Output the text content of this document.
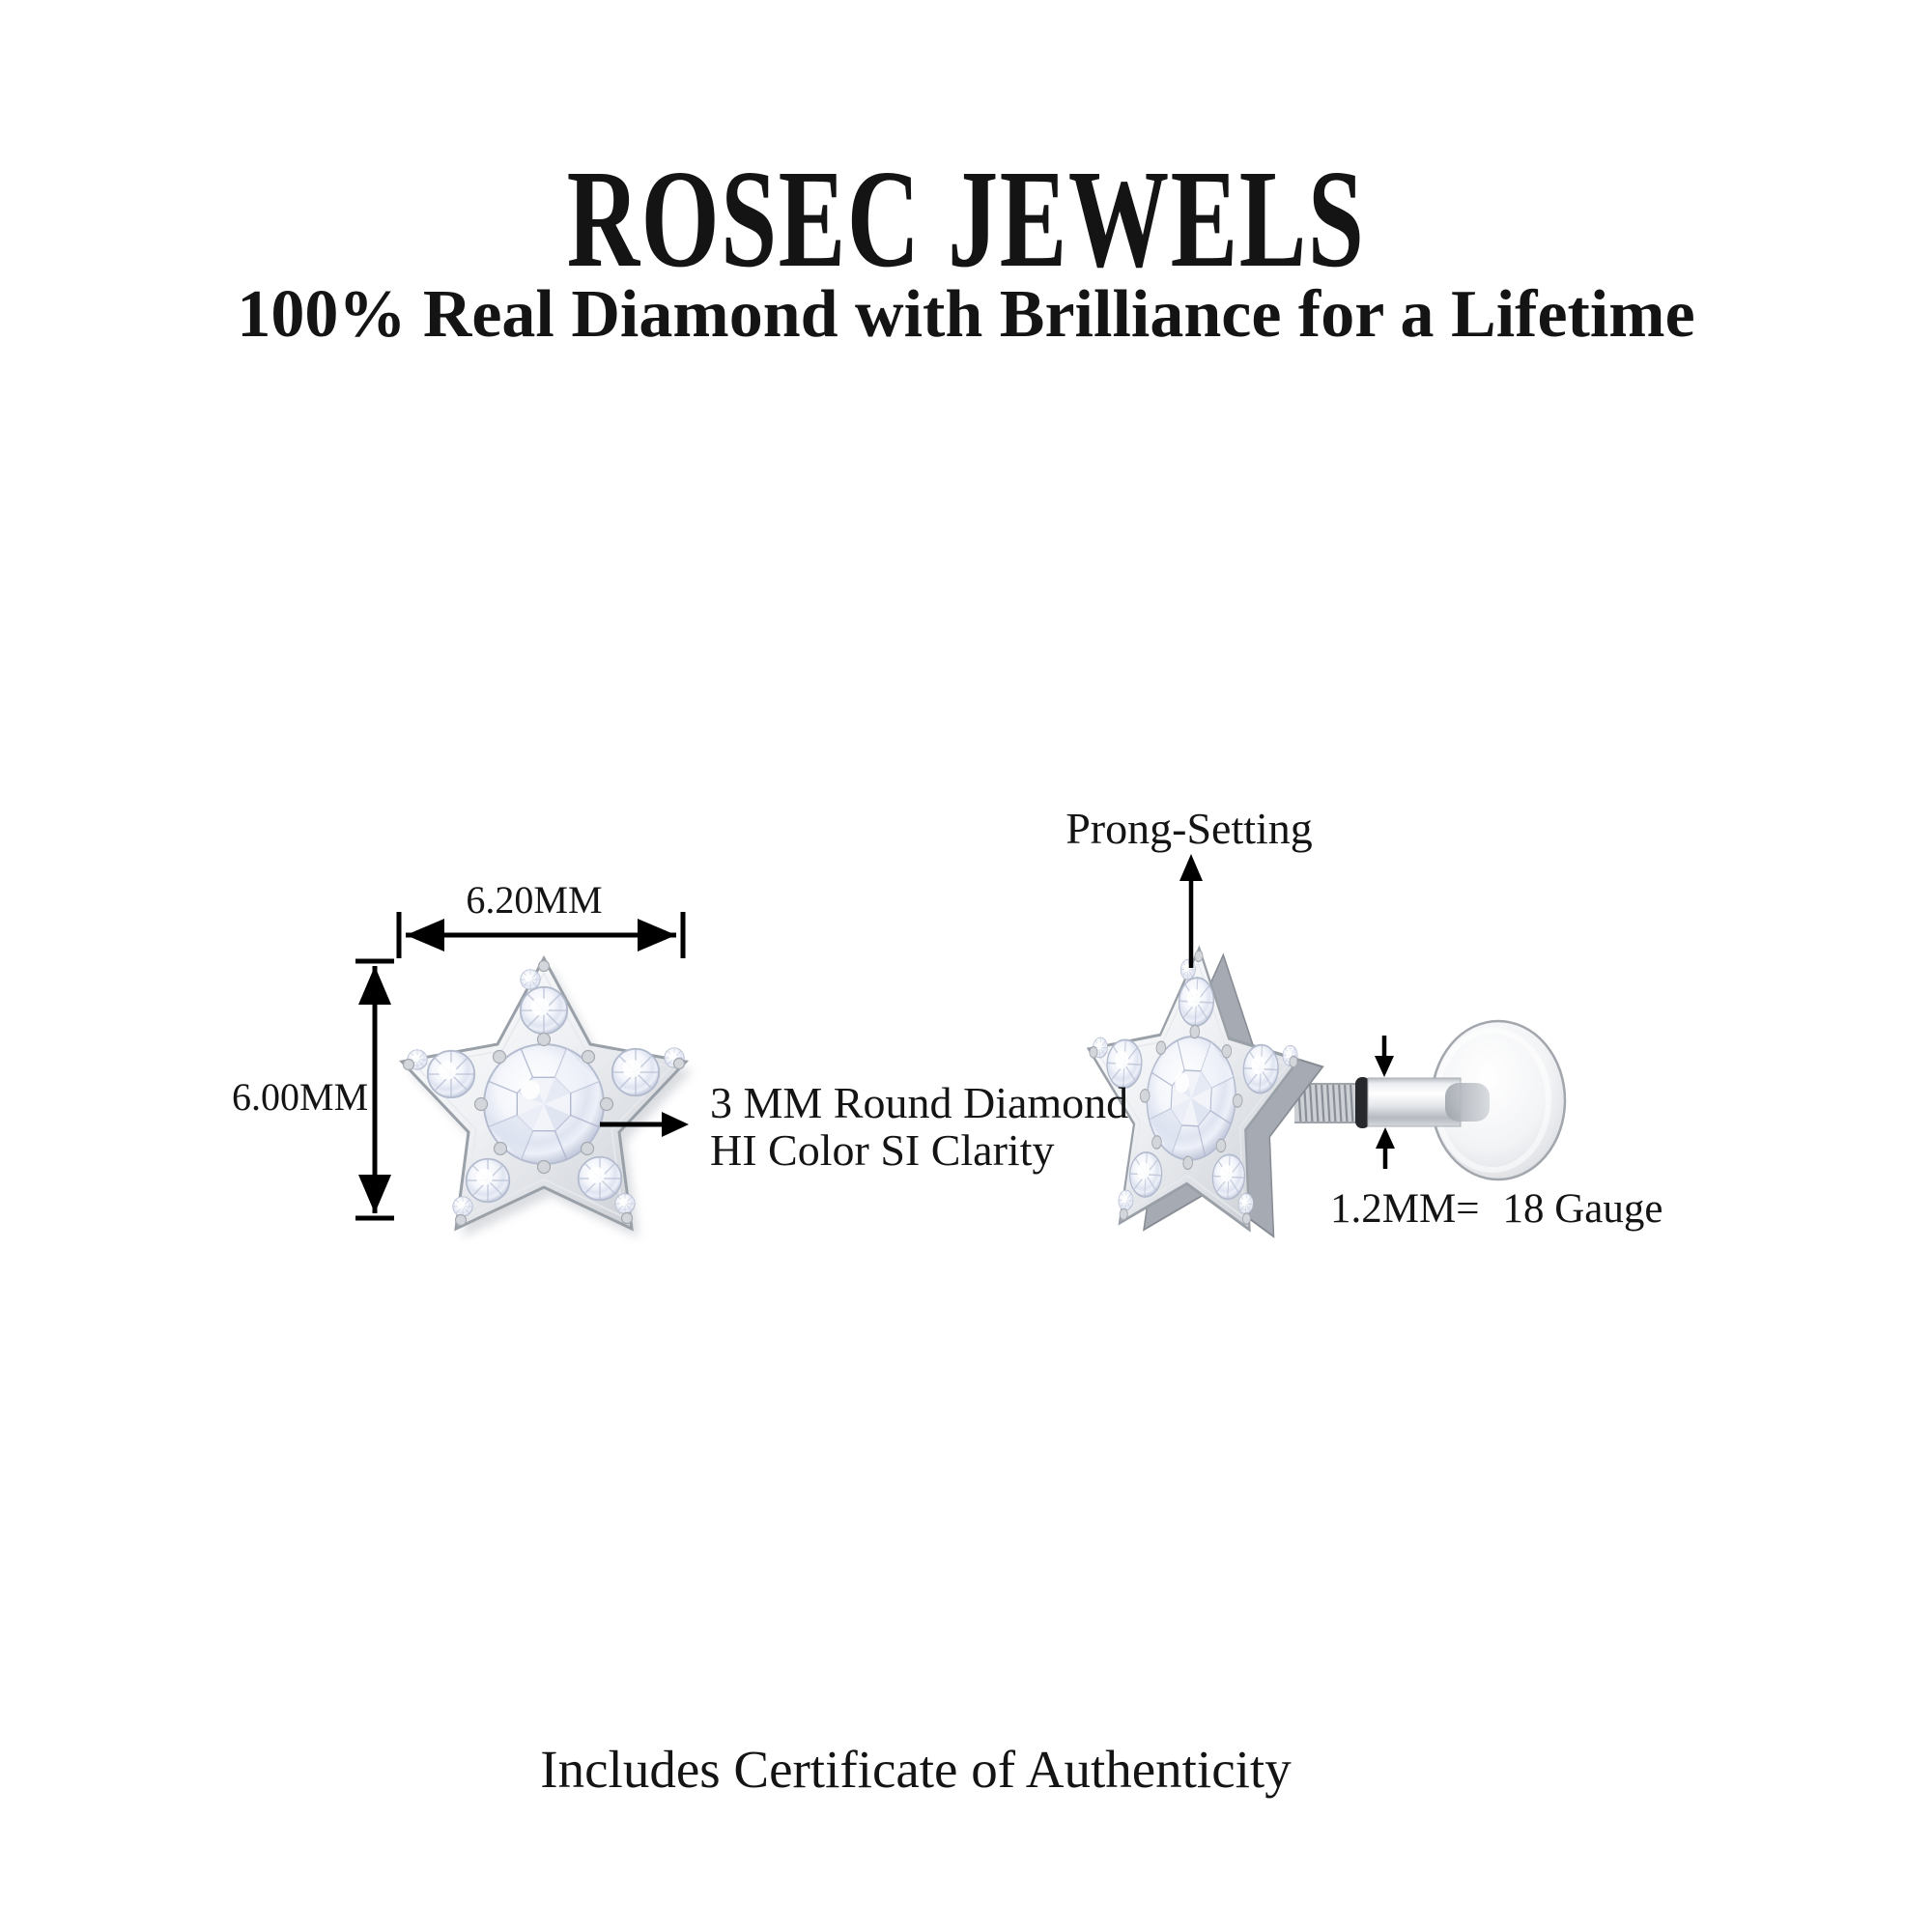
ROSEC JEWELS
100% Real Diamond with Brilliance for a Lifetime
6.20MM
6.00MM	3 MM Round Diamond
HI Color SI Clarity
Prong-Setting
1.2MM= 18 Gauge
Includes Certificate of Authenticity
